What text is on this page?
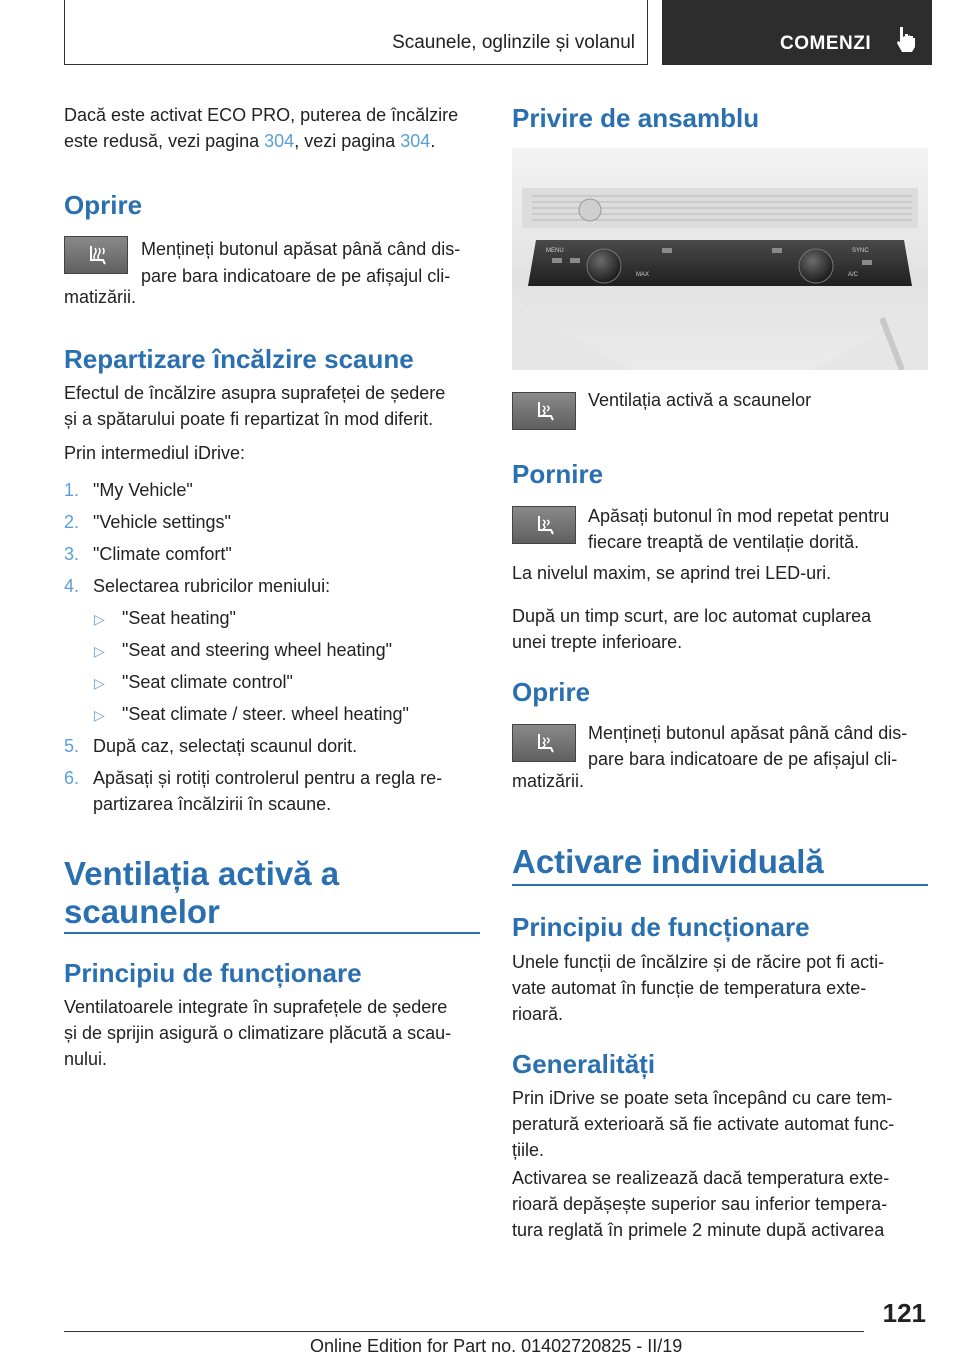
Scaunele, oglinzile și volanul	COMENZI
Dacă este activat ECO PRO, puterea de încălzire
este redusă, vezi pagina 304, vezi pagina 304.
Oprire
Mențineți butonul apăsat până când dis-
pare bara indicatoare de pe afișajul cli-
matizării.
Repartizare încălzire scaune
Efectul de încălzire asupra suprafeței de ședere
și a spătarului poate fi repartizat în mod diferit.
Prin intermediul iDrive:
1. "My Vehicle"
2. "Vehicle settings"
3. "Climate comfort"
4. Selectarea rubricilor meniului:
▷ "Seat heating"
▷ "Seat and steering wheel heating"
▷ "Seat climate control"
▷ "Seat climate / steer. wheel heating"
5. După caz, selectați scaunul dorit.
6. Apăsați și rotiți controlerul pentru a regla re-
partizarea încălzirii în scaune.
Ventilația activă a
scaunelor
Principiu de funcționare
Ventilatoarele integrate în suprafețele de ședere
și de sprijin asigură o climatizare plăcută a scau-
nului.
Privire de ansamblu
MENU	SYNC
MAX	A/C
Ventilația activă a scaunelor
Pornire
Apăsați butonul în mod repetat pentru
fiecare treaptă de ventilație dorită.
La nivelul maxim, se aprind trei LED-uri.
După un timp scurt, are loc automat cuplarea
unei trepte inferioare.
Oprire
Mențineți butonul apăsat până când dis-
pare bara indicatoare de pe afișajul cli-
matizării.
Activare individuală
Principiu de funcționare
Unele funcții de încălzire și de răcire pot fi acti-
vate automat în funcție de temperatura exte-
rioară.
Generalități
Prin iDrive se poate seta începând cu care tem-
peratură exterioară să fie activate automat func-
țiile.
Activarea se realizează dacă temperatura exte-
rioară depășește superior sau inferior tempera-
tura reglată în primele 2 minute după activarea
121
Online Edition for Part no. 01402720825 - II/19
